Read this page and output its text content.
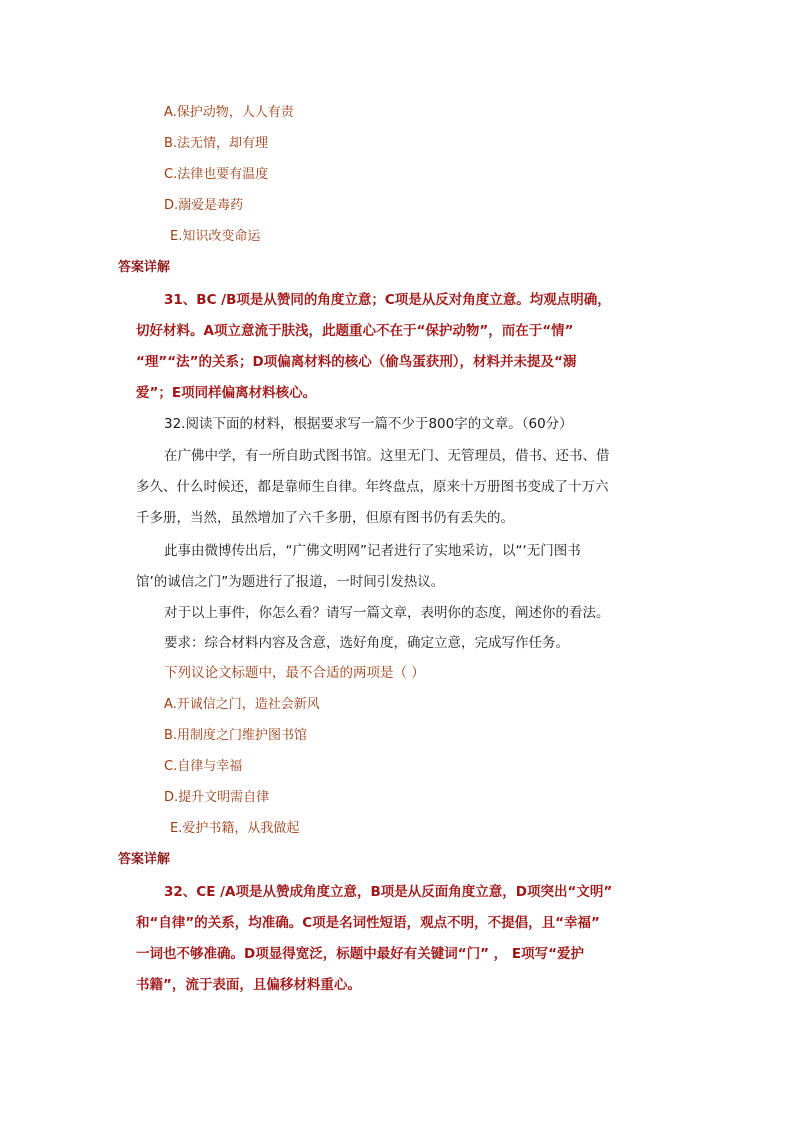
A.保护动物，人人有责
B.法无情，却有理
C.法律也要有温度
D.溺爱是毒药
E.知识改变命运
答案详解
31、BC /B项是从赞同的角度立意；C项是从反对角度立意。均观点明确，
切好材料。A项立意流于肤浅，此题重心不在于“保护动物”，而在于“情”
“理”“法”的关系；D项偏离材料的核心（偷鸟蛋获刑），材料并未提及“溺
爱”；E项同样偏离材料核心。
32.阅读下面的材料，根据要求写一篇不少于800字的文章。（60分）
在广佛中学，有一所自助式图书馆。这里无门、无管理员，借书、还书、借
多久、什么时候还，都是靠师生自律。年终盘点，原来十万册图书变成了十万六
千多册，当然，虽然增加了六千多册，但原有图书仍有丢失的。
此事由微博传出后，“广佛文明网”记者进行了实地采访，以“‘无门图书
馆’的诚信之门”为题进行了报道，一时间引发热议。
对于以上事件，你怎么看？请写一篇文章，表明你的态度，阐述你的看法。
要求：综合材料内容及含意，选好角度，确定立意，完成写作任务。
下列议论文标题中，最不合适的两项是（ ）
A.开诚信之门，造社会新风
B.用制度之门维护图书馆
C.自律与幸福
D.提升文明需自律
E.爱护书籍，从我做起
答案详解
32、CE /A项是从赞成角度立意，B项是从反面角度立意，D项突出“文明”
和“自律”的关系，均准确。C项是名词性短语，观点不明，不提倡，且“幸福”
一词也不够准确。D项显得宽泛，标题中最好有关键词“门” ， E项写“爱护
书籍”，流于表面，且偏移材料重心。
